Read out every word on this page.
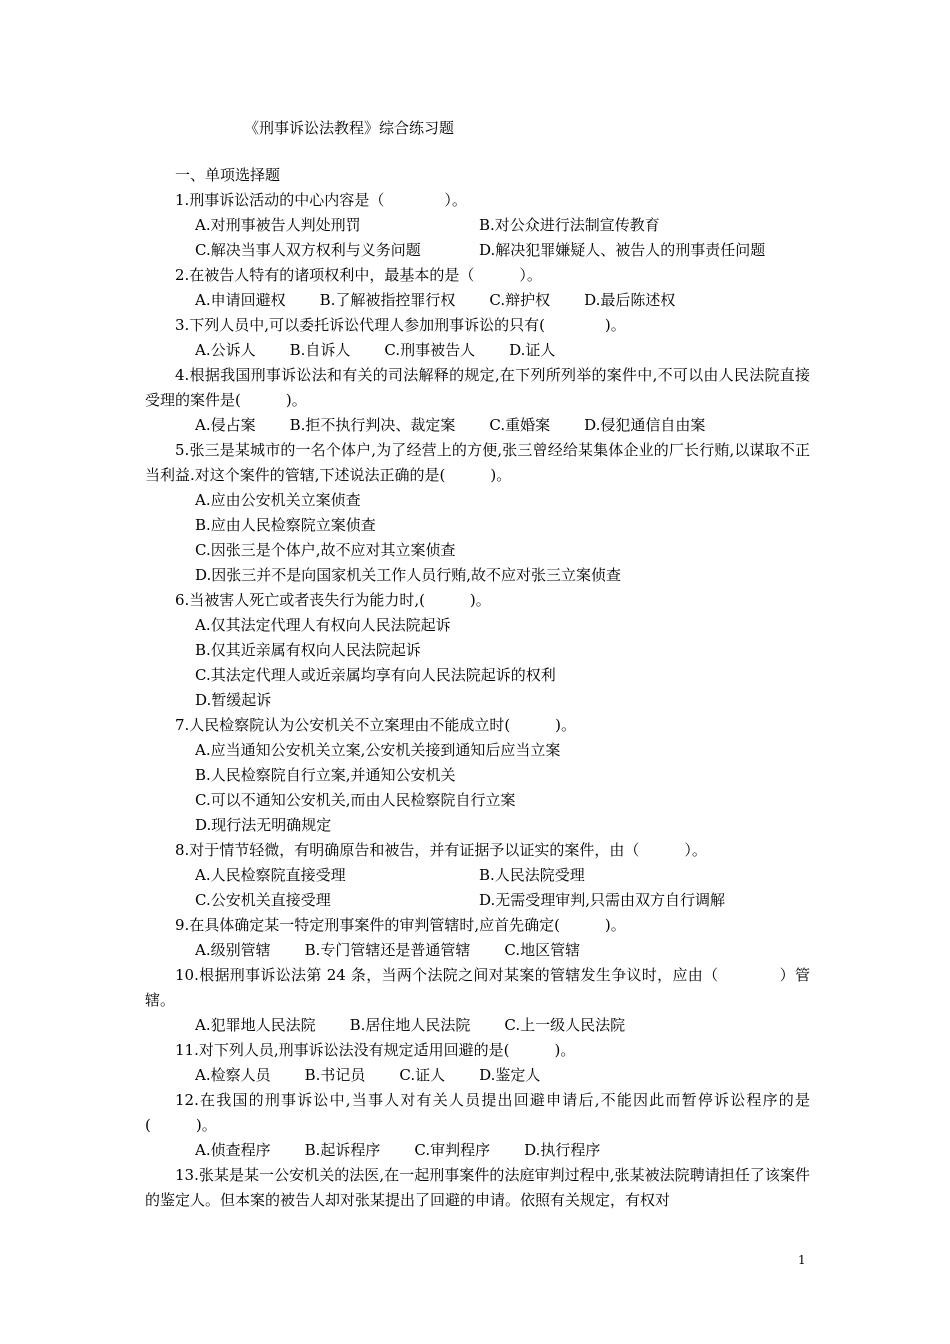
《刑事诉讼法教程》综合练习题
一、单项选择题
1.刑事诉讼活动的中心内容是（　　　　）。
A.对刑事被告人判处刑罚	B.对公众进行法制宣传教育
C.解决当事人双方权利与义务问题	D.解决犯罪嫌疑人、被告人的刑事责任问题
2.在被告人特有的诸项权利中，最基本的是（　　　）。
A.申请回避权 B.了解被指控罪行权 C.辩护权 D.最后陈述权
3.下列人员中,可以委托诉讼代理人参加刑事诉讼的只有(　　　　)。
A.公诉人 B.自诉人 C.刑事被告人 D.证人
4.根据我国刑事诉讼法和有关的司法解释的规定,在下列所列举的案件中,不可以由人民法院直接受理的案件是(　　　)。
A.侵占案 B.拒不执行判决、裁定案 C.重婚案 D.侵犯通信自由案
5.张三是某城市的一名个体户,为了经营上的方便,张三曾经给某集体企业的厂长行贿,以谋取不正当利益.对这个案件的管辖,下述说法正确的是(　　　)。
A.应由公安机关立案侦查
B.应由人民检察院立案侦查
C.因张三是个体户,故不应对其立案侦查
D.因张三并不是向国家机关工作人员行贿,故不应对张三立案侦查
6.当被害人死亡或者丧失行为能力时,(　　　)。
A.仅其法定代理人有权向人民法院起诉
B.仅其近亲属有权向人民法院起诉
C.其法定代理人或近亲属均享有向人民法院起诉的权利
D.暂缓起诉
7.人民检察院认为公安机关不立案理由不能成立时(　　　)。
A.应当通知公安机关立案,公安机关接到通知后应当立案
B.人民检察院自行立案,并通知公安机关
C.可以不通知公安机关,而由人民检察院自行立案
D.现行法无明确规定
8.对于情节轻微，有明确原告和被告，并有证据予以证实的案件，由（　　　）。
A.人民检察院直接受理	B.人民法院受理
C.公安机关直接受理	D.无需受理审判,只需由双方自行调解
9.在具体确定某一特定刑事案件的审判管辖时,应首先确定(　　　)。
A.级别管辖 B.专门管辖还是普通管辖 C.地区管辖
10.根据刑事诉讼法第 24 条，当两个法院之间对某案的管辖发生争议时，应由（　　　　）管辖。
A.犯罪地人民法院 B.居住地人民法院 C.上一级人民法院
11.对下列人员,刑事诉讼法没有规定适用回避的是(　　　)。
A.检察人员 B.书记员 C.证人 D.鉴定人
12.在我国的刑事诉讼中,当事人对有关人员提出回避申请后,不能因此而暂停诉讼程序的是(　　　)。
A.侦查程序 B.起诉程序 C.审判程序 D.执行程序
13.张某是某一公安机关的法医,在一起刑事案件的法庭审判过程中,张某被法院聘请担任了该案件的鉴定人。但本案的被告人却对张某提出了回避的申请。依照有关规定，有权对
1
